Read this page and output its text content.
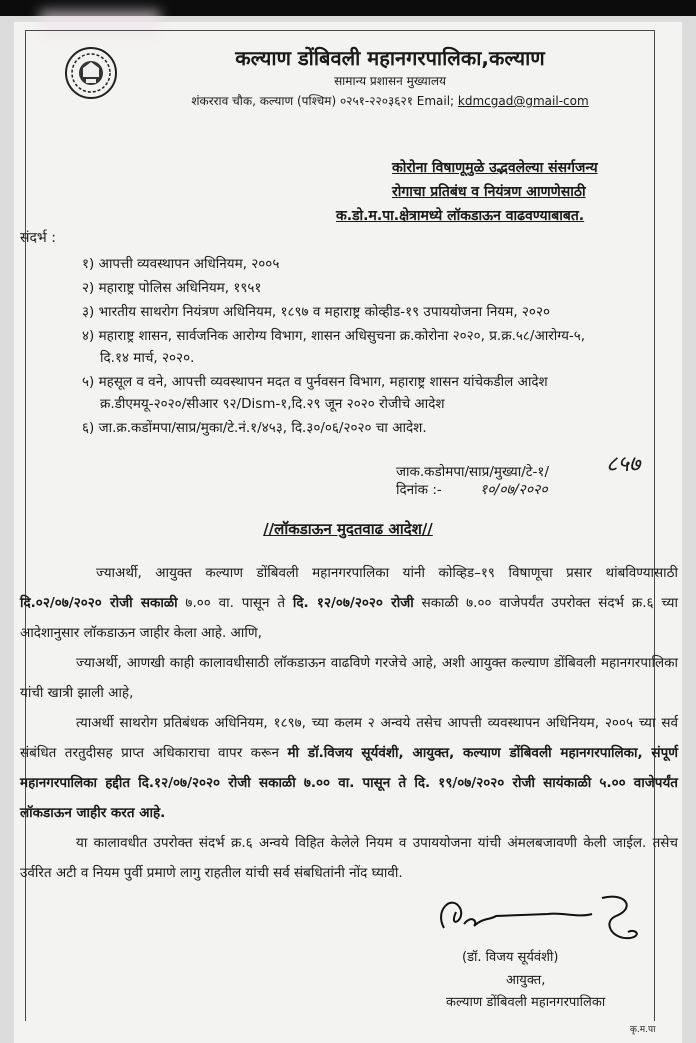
कल्याण डोंबिवली महानगरपालिका,कल्याण
सामान्य प्रशासन मुख्यालय
शंकरराव चौक, कल्याण (पश्चिम) ०२५१-२२०३६२१ Email; kdmcgad@gmail-com
कोरोना विषाणूमुळे उद्भवलेल्या संसर्गजन्य
रोगाचा प्रतिबंध व नियंत्रण आणणेसाठी
क.डो.म.पा.क्षेत्रामध्ये लॉकडाऊन वाढवण्याबाबत.
संदर्भ :
१) आपत्ती व्यवस्थापन अधिनियम, २००५
२) महाराष्ट्र पोलिस अधिनियम, १९५१
३) भारतीय साथरोग नियंत्रण अधिनियम, १८९७ व महाराष्ट्र कोव्हीड-१९ उपाययोजना नियम, २०२०
४) महाराष्ट्र शासन, सार्वजनिक आरोग्य विभाग, शासन अधिसुचना क्र.कोरोना २०२०, प्र.क्र.५८/आरोग्य-५,
दि.१४ मार्च, २०२०.
५) महसूल व वने, आपत्ती व्यवस्थापन मदत व पुर्नवसन विभाग, महाराष्ट्र शासन यांचेकडील आदेश
क्र.डीएमयू-२०२०/सीआर ९२/Dism-१,दि.२९ जून २०२० रोजीचे आदेश
६) जा.क्र.कडोंमपा/साप्र/मुका/टे.नं.१/४५३, दि.३०/०६/२०२० चा आदेश.
जाक.कडोमपा/साप्र/मुख्या/टे-१/	८५७
दिनांक :-	१०/०७/२०२०
//लॉकडाऊन मुदतवाढ आदेश//
ज्याअर्थी, आयुक्त कल्याण डोंबिवली महानगरपालिका यांनी कोव्हिड–१९ विषाणूचा प्रसार थांबविण्यासाठी दि.०२/०७/२०२० रोजी सकाळी ७.०० वा. पासून ते दि. १२/०७/२०२० रोजी सकाळी ७.०० वाजेपर्यंत उपरोक्त संदर्भ क्र.६ च्या आदेशानुसार लॉकडाऊन जाहीर केला आहे. आणि,
ज्याअर्थी, आणखी काही कालावधीसाठी लॉकडाऊन वाढविणे गरजेचे आहे, अशी आयुक्त कल्याण डोंबिवली महानगरपालिका यांची खात्री झाली आहे,
त्याअर्थी साथरोग प्रतिबंधक अधिनियम, १८९७, च्या कलम २ अन्वये तसेच आपत्ती व्यवस्थापन अधिनियम, २००५ च्या सर्व संबंधित तरतुदीसह प्राप्त अधिकाराचा वापर करून मी डॉ.विजय सूर्यवंशी, आयुक्त, कल्याण डोंबिवली महानगरपालिका, संपूर्ण महानगरपालिका हद्दीत दि.१२/०७/२०२० रोजी सकाळी ७.०० वा. पासून ते दि. १९/०७/२०२० रोजी सायंकाळी ५.०० वाजेपर्यंत लॉकडाऊन जाहीर करत आहे.
या कालावधीत उपरोक्त संदर्भ क्र.६ अन्वये विहित केलेले नियम व उपाययोजना यांची अंमलबजावणी केली जाईल. तसेच उर्वरित अटी व नियम पुर्वी प्रमाणे लागु राहतील यांची सर्व संबधितांनी नोंद घ्यावी.
(डॉ. विजय सूर्यवंशी)
आयुक्त,
कल्याण डोंबिवली महानगरपालिका
कृ.म.पा
